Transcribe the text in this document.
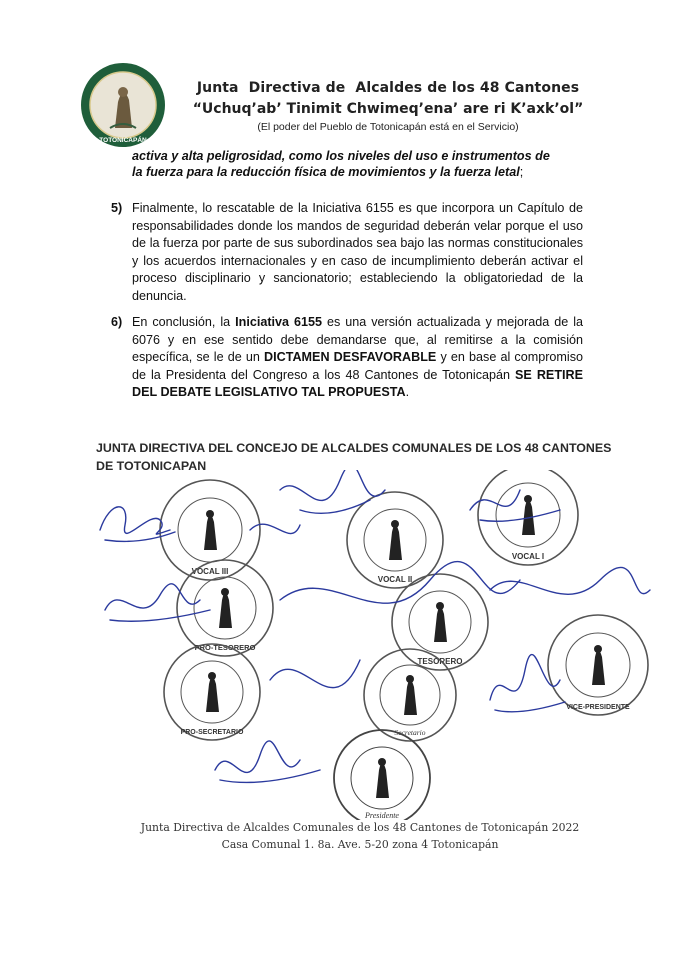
TOTONICAPÁN
Junta Directiva de Alcaldes de los 48 Cantones
“Uchuq’ab’ Tinimit Chwimeq’ena’ are ri K’axk’ol”
(El poder del Pueblo de Totonicapán está en el Servicio)
activa y alta peligrosidad, como los niveles del uso e instrumentos de
la fuerza para la reducción física de movimientos y la fuerza letal;
5) Finalmente, lo rescatable de la Iniciativa 6155 es que incorpora un Capítulo de responsabilidades donde los mandos de seguridad deberán velar porque el uso de la fuerza por parte de sus subordinados sea bajo las normas constitucionales y los acuerdos internacionales y en caso de incumplimiento deberán activar el proceso disciplinario y sancionatorio; estableciendo la obligatoriedad de la denuncia.
6) En conclusión, la Iniciativa 6155 es una versión actualizada y mejorada de la 6076 y en ese sentido debe demandarse que, al remitirse a la comisión específica, se le de un DICTAMEN DESFAVORABLE y en base al compromiso de la Presidenta del Congreso a los 48 Cantones de Totonicapán SE RETIRE DEL DEBATE LEGISLATIVO TAL PROPUESTA.
JUNTA DIRECTIVA DEL CONCEJO DE ALCALDES COMUNALES DE LOS 48 CANTONES
DE TOTONICAPAN
VOCAL III
VOCAL II
VOCAL I
PRO-TESORERO
TESORERO
VICE-PRESIDENTE
PRO-SECRETARIO	Secretario
Presidente
Junta Directiva de Alcaldes Comunales de los 48 Cantones de Totonicapán 2022
Casa Comunal 1. 8a. Ave. 5-20 zona 4 Totonicapán
